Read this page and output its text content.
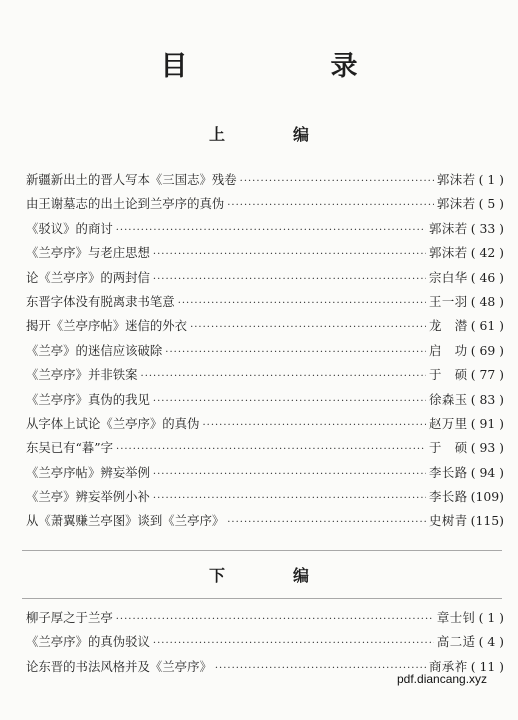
目　录
上　编
新疆新出土的晋人写本《三国志》残卷 ·····	郭沫若 ( 1 )
由王谢墓志的出土论到兰亭序的真伪 ·····	郭沫若 ( 5 )
《驳议》的商讨 ·····	郭沫若 ( 33 )
《兰亭序》与老庄思想 ·····	郭沫若 ( 42 )
论《兰亭序》的两封信 ·····	宗白华 ( 46 )
东晋字体没有脱离隶书笔意 ·····	王一羽 ( 48 )
揭开《兰亭序帖》迷信的外衣 ·····	龙　潜 ( 61 )
《兰亭》的迷信应该破除 ·····	启　功 ( 69 )
《兰亭序》并非铁案 ·····	于　硕 ( 77 )
《兰亭序》真伪的我见 ·····	徐森玉 ( 83 )
从字体上试论《兰亭序》的真伪 ·····	赵万里 ( 91 )
东吴已有“暮”字 ·····	于　硕 ( 93 )
《兰亭序帖》辨妄举例 ·····	李长路 ( 94 )
《兰亭》辨妄举例小补 ·····	李长路 (109)
从《萧翼赚兰亭图》谈到《兰亭序》 ·····	史树青 (115)
下　编
柳子厚之于兰亭 ·····	章士钊 ( 1 )
《兰亭序》的真伪驳议 ·····	高二适 ( 4 )
论东晋的书法风格并及《兰亭序》 ·····	商承祚 ( 11 )
pdf.diancang.xyz
